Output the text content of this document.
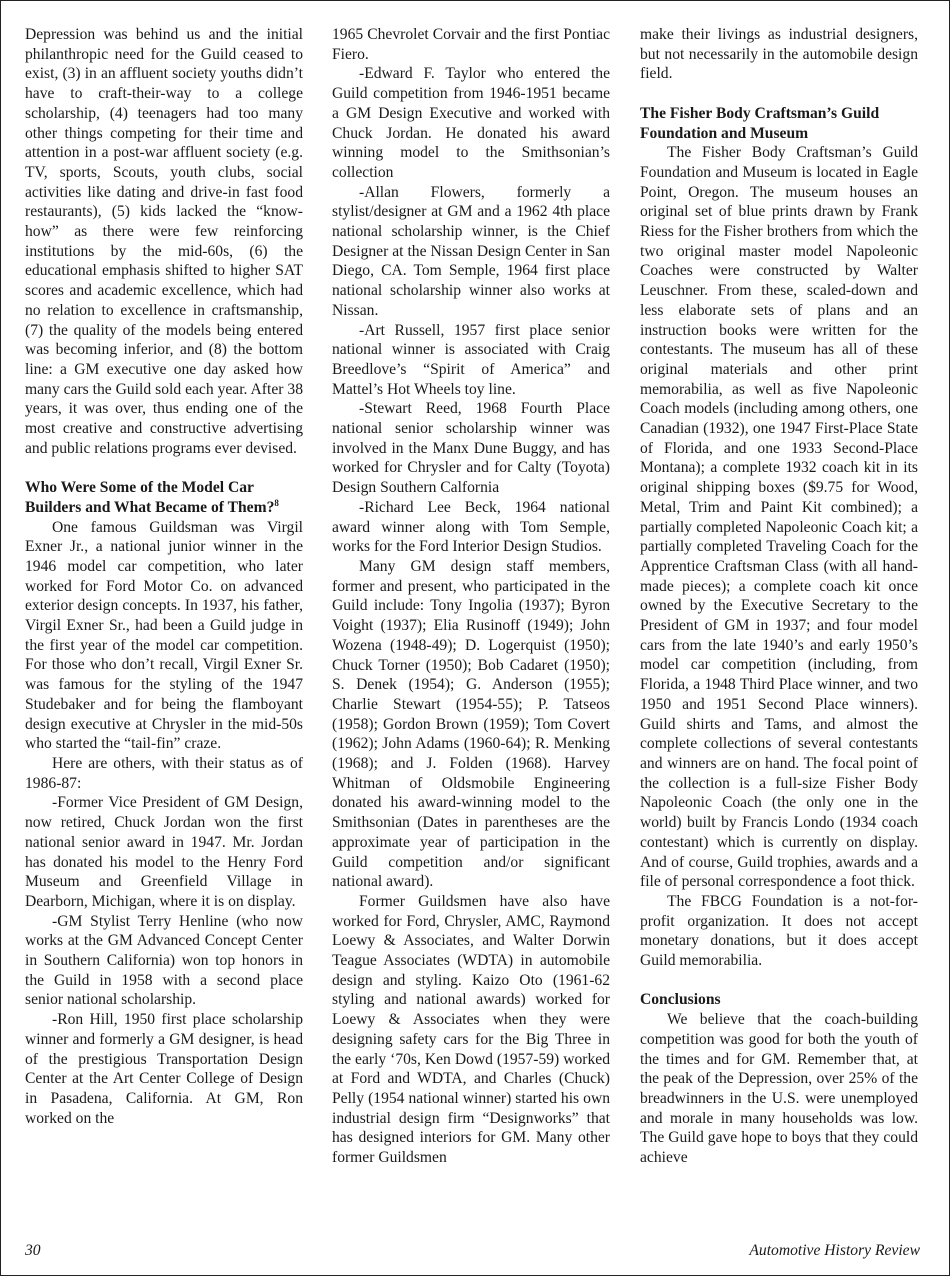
Depression was behind us and the initial philanthropic need for the Guild ceased to exist, (3) in an affluent society youths didn’t have to craft-their-way to a college scholarship, (4) teenagers had too many other things competing for their time and attention in a post-war affluent society (e.g. TV, sports, Scouts, youth clubs, social activities like dating and drive-in fast food restaurants), (5) kids lacked the “know-how” as there were few reinforcing institutions by the mid-60s, (6) the educational emphasis shifted to higher SAT scores and academic excellence, which had no relation to excellence in craftsmanship, (7) the quality of the models being entered was becoming inferior, and (8) the bottom line: a GM executive one day asked how many cars the Guild sold each year. After 38 years, it was over, thus ending one of the most creative and constructive advertising and public relations programs ever devised.

Who Were Some of the Model Car Builders and What Became of Them?$^8$

One famous Guildsman was Virgil Exner Jr., a national junior winner in the 1946 model car competition, who later worked for Ford Motor Co. on advanced exterior design concepts. In 1937, his father, Virgil Exner Sr., had been a Guild judge in the first year of the model car competition. For those who don’t recall, Virgil Exner Sr. was famous for the styling of the 1947 Studebaker and for being the flamboyant design executive at Chrysler in the mid-50s who started the “tail-fin” craze.

Here are others, with their status as of 1986-87:

-Former Vice President of GM Design, now retired, Chuck Jordan won the first national senior award in 1947. Mr. Jordan has donated his model to the Henry Ford Museum and Greenfield Village in Dearborn, Michigan, where it is on display.

-GM Stylist Terry Henline (who now works at the GM Advanced Concept Center in Southern California) won top honors in the Guild in 1958 with a second place senior national scholarship.

-Ron Hill, 1950 first place scholarship winner and formerly a GM designer, is head of the prestigious Transportation Design Center at the Art Center College of Design in Pasadena, California. At GM, Ron worked on the

1965 Chevrolet Corvair and the first Pontiac Fiero.

-Edward F. Taylor who entered the Guild competition from 1946-1951 became a GM Design Executive and worked with Chuck Jordan. He donated his award winning model to the Smithsonian’s collection

-Allan Flowers, formerly a stylist/designer at GM and a 1962 4th place national scholarship winner, is the Chief Designer at the Nissan Design Center in San Diego, CA. Tom Semple, 1964 first place national scholarship winner also works at Nissan.

-Art Russell, 1957 first place senior national winner is associated with Craig Breedlove’s “Spirit of America” and Mattel’s Hot Wheels toy line.

-Stewart Reed, 1968 Fourth Place national senior scholarship winner was involved in the Manx Dune Buggy, and has worked for Chrysler and for Calty (Toyota) Design Southern Calfornia

-Richard Lee Beck, 1964 national award winner along with Tom Semple, works for the Ford Interior Design Studios.

Many GM design staff members, former and present, who participated in the Guild include: Tony Ingolia (1937); Byron Voight (1937); Elia Rusinoff (1949); John Wozena (1948-49); D. Logerquist (1950); Chuck Torner (1950); Bob Cadaret (1950); S. Denek (1954); G. Anderson (1955); Charlie Stewart (1954-55); P. Tatseos (1958); Gordon Brown (1959); Tom Covert (1962); John Adams (1960-64); R. Menking (1968); and J. Folden (1968). Harvey Whitman of Oldsmobile Engineering donated his award-winning model to the Smithsonian (Dates in parentheses are the approximate year of participation in the Guild competition and/or significant national award).

Former Guildsmen have also have worked for Ford, Chrysler, AMC, Raymond Loewy & Associates, and Walter Dorwin Teague Associates (WDTA) in automobile design and styling. Kaizo Oto (1961-62 styling and national awards) worked for Loewy & Associates when they were designing safety cars for the Big Three in the early ‘70s, Ken Dowd (1957-59) worked at Ford and WDTA, and Charles (Chuck) Pelly (1954 national winner) started his own industrial design firm “Designworks” that has designed interiors for GM. Many other former Guildsmen

make their livings as industrial designers, but not necessarily in the automobile design field.

The Fisher Body Craftsman’s Guild Foundation and Museum

The Fisher Body Craftsman’s Guild Foundation and Museum is located in Eagle Point, Oregon. The museum houses an original set of blue prints drawn by Frank Riess for the Fisher brothers from which the two original master model Napoleonic Coaches were constructed by Walter Leuschner. From these, scaled-down and less elaborate sets of plans and an instruction books were written for the contestants. The museum has all of these original materials and other print memorabilia, as well as five Napoleonic Coach models (including among others, one Canadian (1932), one 1947 First-Place State of Florida, and one 1933 Second-Place Montana); a complete 1932 coach kit in its original shipping boxes ($9.75 for Wood, Metal, Trim and Paint Kit combined); a partially completed Napoleonic Coach kit; a partially completed Traveling Coach for the Apprentice Craftsman Class (with all hand-made pieces); a complete coach kit once owned by the Executive Secretary to the President of GM in 1937; and four model cars from the late 1940’s and early 1950’s model car competition (including, from Florida, a 1948 Third Place winner, and two 1950 and 1951 Second Place winners). Guild shirts and Tams, and almost the complete collections of several contestants and winners are on hand. The focal point of the collection is a full-size Fisher Body Napoleonic Coach (the only one in the world) built by Francis Londo (1934 coach contestant) which is currently on display. And of course, Guild trophies, awards and a file of personal correspondence a foot thick.

The FBCG Foundation is a not-for-profit organization. It does not accept monetary donations, but it does accept Guild memorabilia.

Conclusions

We believe that the coach-building competition was good for both the youth of the times and for GM. Remember that, at the peak of the Depression, over 25% of the breadwinners in the U.S. were unemployed and morale in many households was low. The Guild gave hope to boys that they could achieve

30	Automotive History Review
